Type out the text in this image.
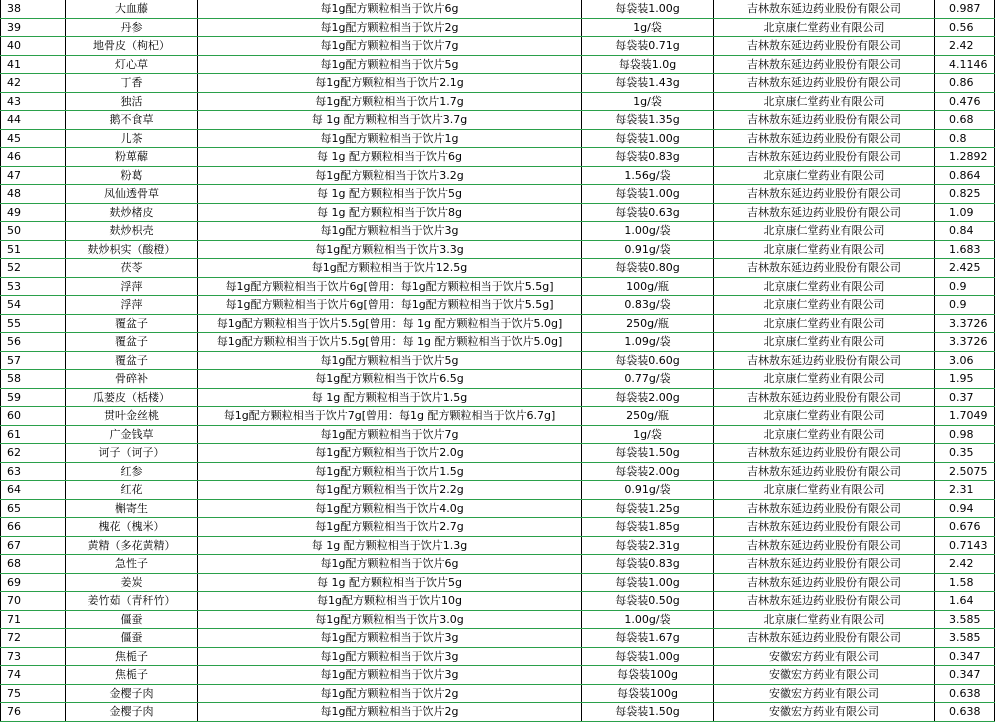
38	大血藤	每1g配方颗粒相当于饮片6g	每袋装1.00g	吉林敖东延边药业股份有限公司	0.987
39	丹参	每1g配方颗粒相当于饮片2g	1g/袋	北京康仁堂药业有限公司	0.56
40	地骨皮（枸杞）	每1g配方颗粒相当于饮片7g	每袋装0.71g	吉林敖东延边药业股份有限公司	2.42
41	灯心草	每1g配方颗粒相当于饮片5g	每袋装1.0g	吉林敖东延边药业股份有限公司	4.1146
42	丁香	每1g配方颗粒相当于饮片2.1g	每袋装1.43g	吉林敖东延边药业股份有限公司	0.86
43	独活	每1g配方颗粒相当于饮片1.7g	1g/袋	北京康仁堂药业有限公司	0.476
44	鹅不食草	每 1g 配方颗粒相当于饮片3.7g	每袋装1.35g	吉林敖东延边药业股份有限公司	0.68
45	儿茶	每1g配方颗粒相当于饮片1g	每袋装1.00g	吉林敖东延边药业股份有限公司	0.8
46	粉萆薢	每 1g 配方颗粒相当于饮片6g	每袋装0.83g	吉林敖东延边药业股份有限公司	1.2892
47	粉葛	每1g配方颗粒相当于饮片3.2g	1.56g/袋	北京康仁堂药业有限公司	0.864
48	凤仙透骨草	每 1g 配方颗粒相当于饮片5g	每袋装1.00g	吉林敖东延边药业股份有限公司	0.825
49	麸炒楮皮	每 1g 配方颗粒相当于饮片8g	每袋装0.63g	吉林敖东延边药业股份有限公司	1.09
50	麸炒枳壳	每1g配方颗粒相当于饮片3g	1.00g/袋	北京康仁堂药业有限公司	0.84
51	麸炒枳实（酸橙）	每1g配方颗粒相当于饮片3.3g	0.91g/袋	北京康仁堂药业有限公司	1.683
52	茯苓	每1g配方颗粒相当于饮片12.5g	每袋装0.80g	吉林敖东延边药业股份有限公司	2.425
53	浮萍	每1g配方颗粒相当于饮片6g[曾用：每1g配方颗粒相当于饮片5.5g]	100g/瓶	北京康仁堂药业有限公司	0.9
54	浮萍	每1g配方颗粒相当于饮片6g[曾用：每1g配方颗粒相当于饮片5.5g]	0.83g/袋	北京康仁堂药业有限公司	0.9
55	覆盆子	每1g配方颗粒相当于饮片5.5g[曾用：每 1g 配方颗粒相当于饮片5.0g]	250g/瓶	北京康仁堂药业有限公司	3.3726
56	覆盆子	每1g配方颗粒相当于饮片5.5g[曾用：每 1g 配方颗粒相当于饮片5.0g]	1.09g/袋	北京康仁堂药业有限公司	3.3726
57	覆盆子	每1g配方颗粒相当于饮片5g	每袋装0.60g	吉林敖东延边药业股份有限公司	3.06
58	骨碎补	每1g配方颗粒相当于饮片6.5g	0.77g/袋	北京康仁堂药业有限公司	1.95
59	瓜蒌皮（栝楼）	每 1g 配方颗粒相当于饮片1.5g	每袋装2.00g	吉林敖东延边药业股份有限公司	0.37
60	贯叶金丝桃	每1g配方颗粒相当于饮片7g[曾用：每1g 配方颗粒相当于饮片6.7g]	250g/瓶	北京康仁堂药业有限公司	1.7049
61	广金钱草	每1g配方颗粒相当于饮片7g	1g/袋	北京康仁堂药业有限公司	0.98
62	诃子（诃子）	每1g配方颗粒相当于饮片2.0g	每袋装1.50g	吉林敖东延边药业股份有限公司	0.35
63	红参	每1g配方颗粒相当于饮片1.5g	每袋装2.00g	吉林敖东延边药业股份有限公司	2.5075
64	红花	每1g配方颗粒相当于饮片2.2g	0.91g/袋	北京康仁堂药业有限公司	2.31
65	槲寄生	每1g配方颗粒相当于饮片4.0g	每袋装1.25g	吉林敖东延边药业股份有限公司	0.94
66	槐花（槐米）	每1g配方颗粒相当于饮片2.7g	每袋装1.85g	吉林敖东延边药业股份有限公司	0.676
67	黄精（多花黄精）	每 1g 配方颗粒相当于饮片1.3g	每袋装2.31g	吉林敖东延边药业股份有限公司	0.7143
68	急性子	每1g配方颗粒相当于饮片6g	每袋装0.83g	吉林敖东延边药业股份有限公司	2.42
69	姜炭	每 1g 配方颗粒相当于饮片5g	每袋装1.00g	吉林敖东延边药业股份有限公司	1.58
70	姜竹茹（青秆竹）	每1g配方颗粒相当于饮片10g	每袋装0.50g	吉林敖东延边药业股份有限公司	1.64
71	僵蚕	每1g配方颗粒相当于饮片3.0g	1.00g/袋	北京康仁堂药业有限公司	3.585
72	僵蚕	每1g配方颗粒相当于饮片3g	每袋装1.67g	吉林敖东延边药业股份有限公司	3.585
73	焦栀子	每1g配方颗粒相当于饮片3g	每袋装1.00g	安徽宏方药业有限公司	0.347
74	焦栀子	每1g配方颗粒相当于饮片3g	每袋装100g	安徽宏方药业有限公司	0.347
75	金樱子肉	每1g配方颗粒相当于饮片2g	每袋装100g	安徽宏方药业有限公司	0.638
76	金樱子肉	每1g配方颗粒相当于饮片2g	每袋装1.50g	安徽宏方药业有限公司	0.638
